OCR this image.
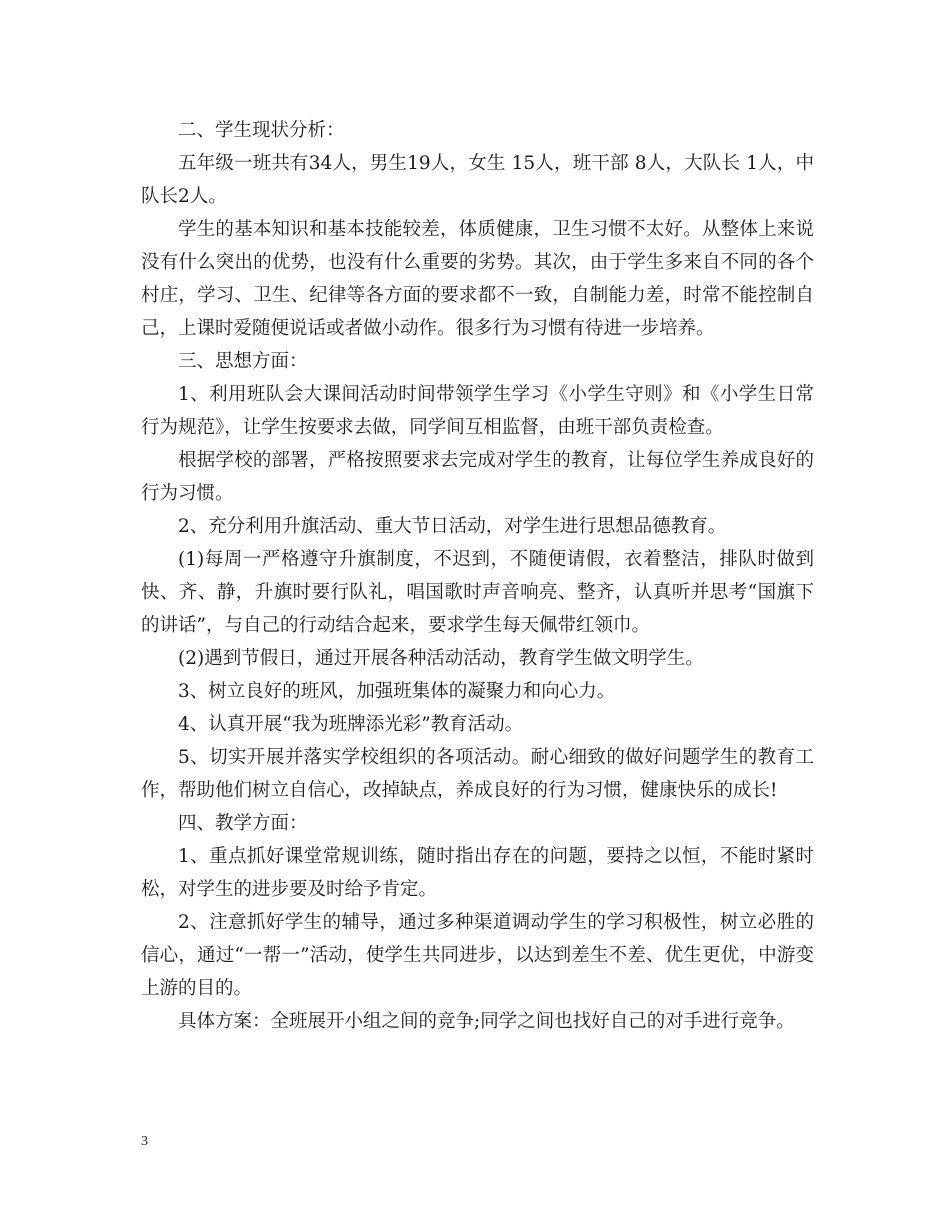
二、学生现状分析：

五年级一班共有34人，男生19人，女生 15人，班干部 8人，大队长 1人，中队长2人。

学生的基本知识和基本技能较差，体质健康，卫生习惯不太好。从整体上来说没有什么突出的优势，也没有什么重要的劣势。其次，由于学生多来自不同的各个村庄，学习、卫生、纪律等各方面的要求都不一致，自制能力差，时常不能控制自己，上课时爱随便说话或者做小动作。很多行为习惯有待进一步培养。

三、思想方面：

1、利用班队会大课间活动时间带领学生学习《小学生守则》和《小学生日常行为规范》，让学生按要求去做，同学间互相监督，由班干部负责检查。

根据学校的部署，严格按照要求去完成对学生的教育，让每位学生养成良好的行为习惯。

2、充分利用升旗活动、重大节日活动，对学生进行思想品德教育。

(1)每周一严格遵守升旗制度，不迟到，不随便请假，衣着整洁，排队时做到快、齐、静，升旗时要行队礼，唱国歌时声音响亮、整齐，认真听并思考“国旗下的讲话”，与自己的行动结合起来，要求学生每天佩带红领巾。

(2)遇到节假日，通过开展各种活动活动，教育学生做文明学生。

3、树立良好的班风，加强班集体的凝聚力和向心力。

4、认真开展“我为班牌添光彩”教育活动。

5、切实开展并落实学校组织的各项活动。耐心细致的做好问题学生的教育工作，帮助他们树立自信心，改掉缺点，养成良好的行为习惯，健康快乐的成长!

四、教学方面：

1、重点抓好课堂常规训练，随时指出存在的问题，要持之以恒，不能时紧时松，对学生的进步要及时给予肯定。

2、注意抓好学生的辅导，通过多种渠道调动学生的学习积极性，树立必胜的信心，通过“一帮一”活动，使学生共同进步，以达到差生不差、优生更优，中游变上游的目的。

具体方案：全班展开小组之间的竞争;同学之间也找好自己的对手进行竞争。

3
